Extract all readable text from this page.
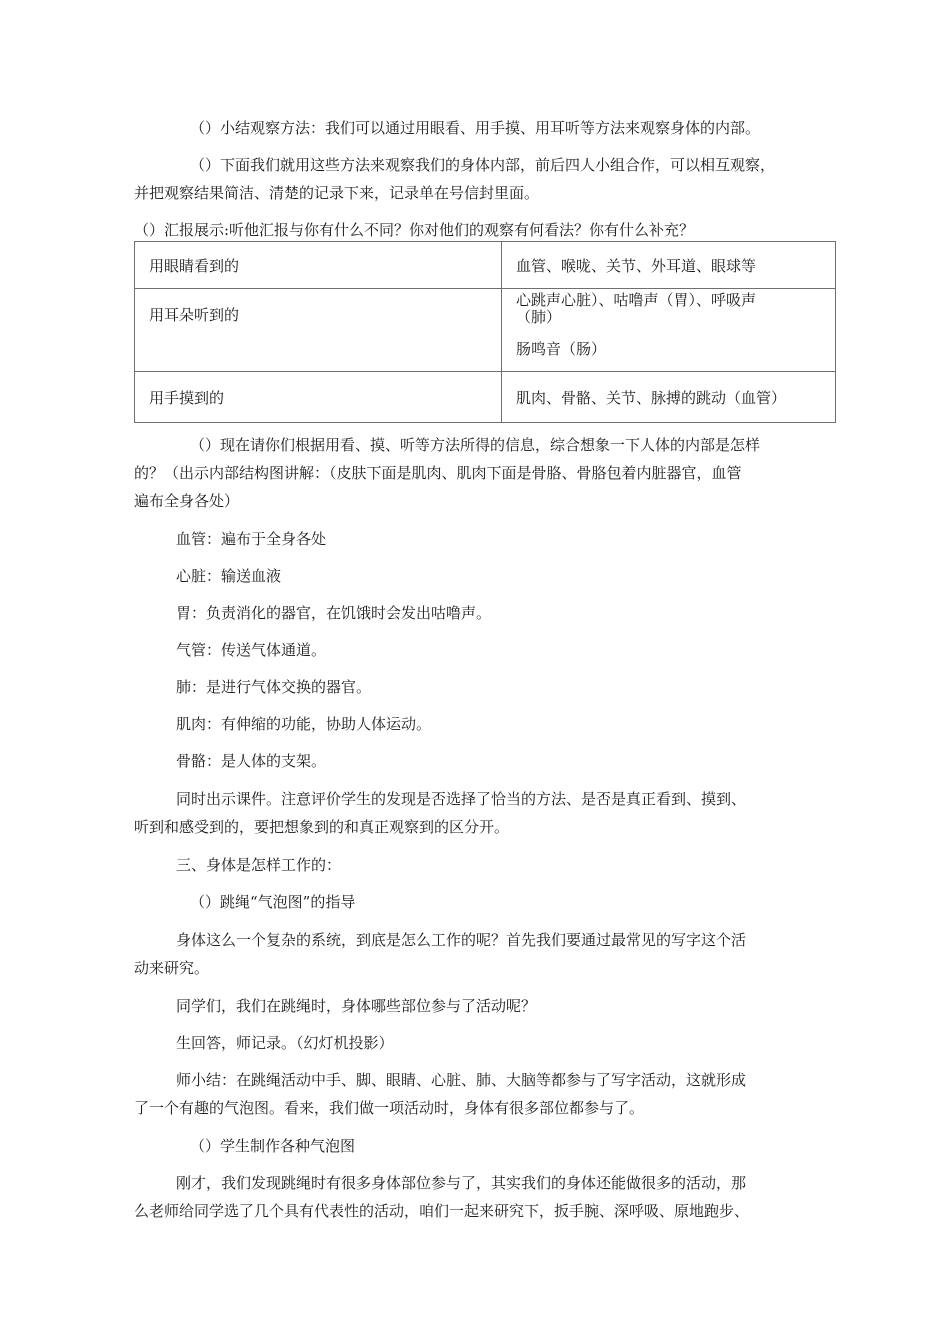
（）小结观察方法：我们可以通过用眼看、用手摸、用耳听等方法来观察身体的内部。
（）下面我们就用这些方法来观察我们的身体内部，前后四人小组合作，可以相互观察，
并把观察结果简洁、清楚的记录下来，记录单在号信封里面。
（）汇报展示:听他汇报与你有什么不同？你对他们的观察有何看法？你有什么补充？
用眼睛看到的	血管、喉咙、关节、外耳道、眼球等

用耳朵听到的	心跳声心脏）、咕噜声（胃）、呼吸声
（肺）
肠鸣音（肠）

用手摸到的	肌肉、骨骼、关节、脉搏的跳动（血管）
（）现在请你们根据用看、摸、听等方法所得的信息，综合想象一下人体的内部是怎样
的？（出示内部结构图讲解：（皮肤下面是肌肉、肌肉下面是骨胳、骨胳包着内脏器官，血管
遍布全身各处）
血管：遍布于全身各处
心脏：输送血液
胃：负责消化的器官，在饥饿时会发出咕噜声。
气管：传送气体通道。
肺：是进行气体交换的器官。
肌肉：有伸缩的功能，协助人体运动。
骨骼：是人体的支架。
同时出示课件。注意评价学生的发现是否选择了恰当的方法、是否是真正看到、摸到、
听到和感受到的，要把想象到的和真正观察到的区分开。
三、身体是怎样工作的：
（）跳绳“气泡图”的指导
身体这么一个复杂的系统，到底是怎么工作的呢？首先我们要通过最常见的写字这个活
动来研究。
同学们，我们在跳绳时，身体哪些部位参与了活动呢？
生回答，师记录。（幻灯机投影）
师小结：在跳绳活动中手、脚、眼睛、心脏、肺、大脑等都参与了写字活动，这就形成
了一个有趣的气泡图。看来，我们做一项活动时，身体有很多部位都参与了。
（）学生制作各种气泡图
刚才，我们发现跳绳时有很多身体部位参与了，其实我们的身体还能做很多的活动，那
么老师给同学选了几个具有代表性的活动，咱们一起来研究下，扳手腕、深呼吸、原地跑步、
